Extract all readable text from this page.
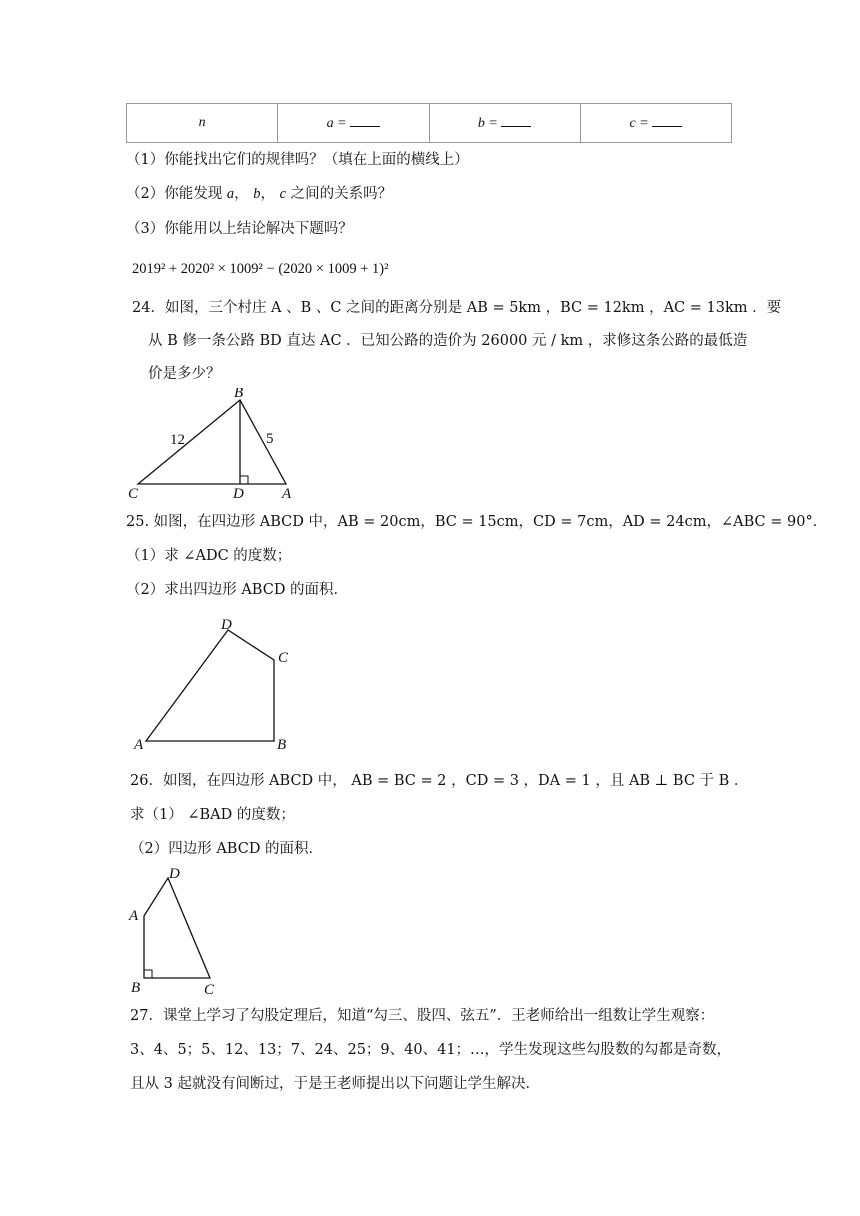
n	a =	b =	c =
（1）你能找出它们的规律吗？（填在上面的横线上）
（2）你能发现 a， b， c 之间的关系吗？
（3）你能用以上结论解决下题吗？
2019² + 2020² × 1009² − (2020 × 1009 + 1)²
24．如图，三个村庄 A 、B 、C 之间的距离分别是 AB = 5km ，BC = 12km ，AC = 13km ．要
从 B 修一条公路 BD 直达 AC ．已知公路的造价为 26000 元 / km ，求修这条公路的最低造
价是多少？
B
C	D	A
12	5
25. 如图，在四边形 ABCD 中，AB = 20cm，BC = 15cm，CD = 7cm，AD = 24cm，∠ABC = 90°．
（1）求 ∠ADC 的度数；
（2）求出四边形 ABCD 的面积．
D
C
A	B
26．如图，在四边形 ABCD 中， AB = BC = 2 ，CD = 3 ，DA = 1 ，且 AB ⊥ BC 于 B ．
求（1） ∠BAD 的度数；
（2）四边形 ABCD 的面积．
D
A
B	C
27．课堂上学习了勾股定理后，知道“勾三、股四、弦五”．王老师给出一组数让学生观察：
3、4、5；5、12、13；7、24、25；9、40、41；…，学生发现这些勾股数的勾都是奇数，
且从 3 起就没有间断过，于是王老师提出以下问题让学生解决．
